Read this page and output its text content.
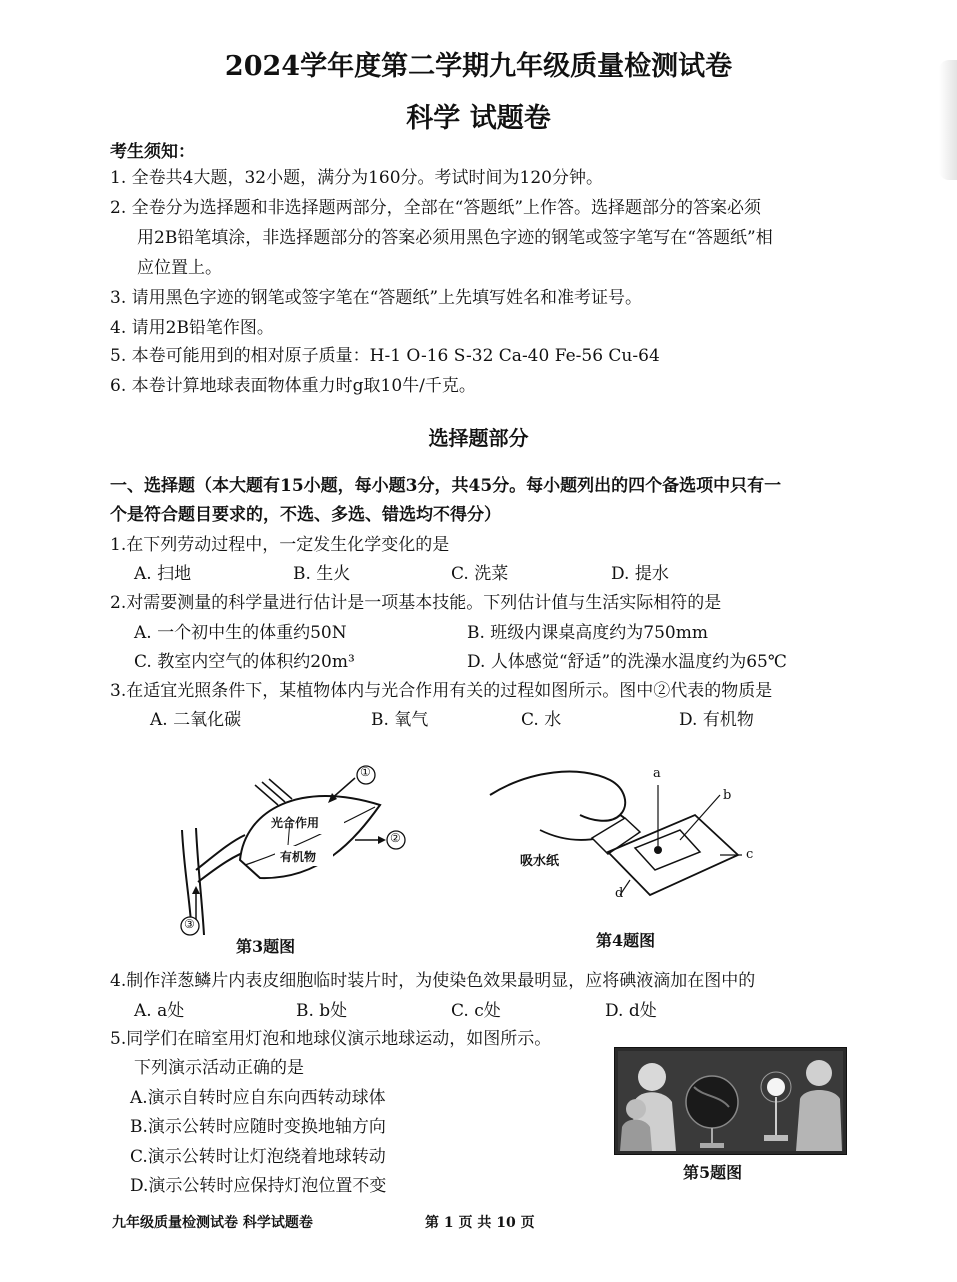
2024学年度第二学期九年级质量检测试卷
科学 试题卷
考生须知：
1. 全卷共4大题，32小题，满分为160分。考试时间为120分钟。
2. 全卷分为选择题和非选择题两部分，全部在“答题纸”上作答。选择题部分的答案必须
用2B铅笔填涂，非选择题部分的答案必须用黑色字迹的钢笔或签字笔写在“答题纸”相
应位置上。
3. 请用黑色字迹的钢笔或签字笔在“答题纸”上先填写姓名和准考证号。
4. 请用2B铅笔作图。
5. 本卷可能用到的相对原子质量：H-1 O-16 S-32 Ca-40 Fe-56 Cu-64
6. 本卷计算地球表面物体重力时g取10牛/千克。
选择题部分
一、选择题（本大题有15小题，每小题3分，共45分。每小题列出的四个备选项中只有一
个是符合题目要求的，不选、多选、错选均不得分）
1.在下列劳动过程中，一定发生化学变化的是
A. 扫地	B. 生火	C. 洗菜	D. 提水
2.对需要测量的科学量进行估计是一项基本技能。下列估计值与生活实际相符的是
A. 一个初中生的体重约50N	B. 班级内课桌高度约为750mm
C. 教室内空气的体积约20m³	D. 人体感觉“舒适”的洗澡水温度约为65℃
3.在适宜光照条件下，某植物体内与光合作用有关的过程如图所示。图中②代表的物质是
A. 二氧化碳	B. 氧气	C. 水	D. 有机物
光合作用
有机物
①
②
③
第3题图
a
b
c
d
吸水纸
第4题图
4.制作洋葱鳞片内表皮细胞临时装片时，为使染色效果最明显，应将碘液滴加在图中的
A. a处	B. b处	C. c处	D. d处
5.同学们在暗室用灯泡和地球仪演示地球运动，如图所示。
下列演示活动正确的是
A.演示自转时应自东向西转动球体
B.演示公转时应随时变换地轴方向
C.演示公转时让灯泡绕着地球转动
D.演示公转时应保持灯泡位置不变
第5题图
九年级质量检测试卷 科学试题卷	第 1 页 共 10 页
